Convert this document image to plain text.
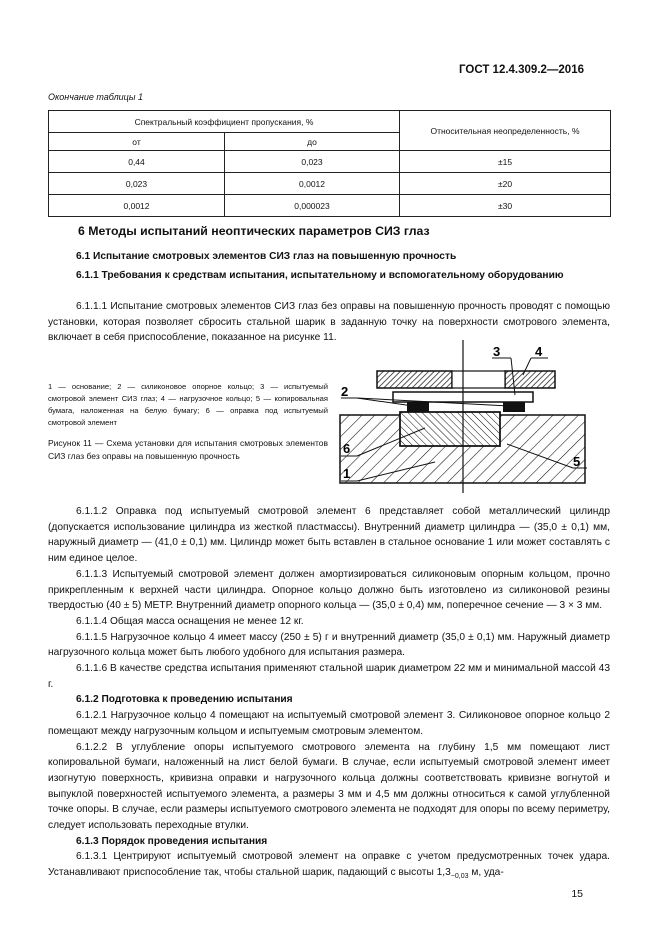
ГОСТ 12.4.309.2—2016
Окончание таблицы 1
Спектральный коэффициент пропускания, %		Относительная неопределенность, %
от	до	
0,44	0,023	±15
0,023	0,0012	±20
0,0012	0,000023	±30
6 Методы испытаний неоптических параметров СИЗ глаз
6.1 Испытание смотровых элементов СИЗ глаз на повышенную прочность
6.1.1 Требования к средствам испытания, испытательному и вспомогательному оборудованию
6.1.1.1 Испытание смотровых элементов СИЗ глаз без оправы на повышенную прочность проводят с помощью установки, которая позволяет сбросить стальной шарик в заданную точку на поверхности смотрового элемента, включает в себя приспособление, показанное на рисунке 11.
3	4
2
6
1
5
1 — основание; 2 — силиконовое опорное кольцо; 3 — испытуемый смотровой элемент СИЗ глаз; 4 — нагрузочное кольцо; 5 — копировальная бумага, наложенная на белую бумагу; 6 — оправка под испытуемый смотровой элемент
Рисунок 11 — Схема установки для испытания смотровых элементов СИЗ глаз без оправы на повышенную прочность
6.1.1.2 Оправка под испытуемый смотровой элемент 6 представляет собой металлический цилиндр (допускается использование цилиндра из жесткой пластмассы). Внутренний диаметр цилиндра — (35,0 ± 0,1) мм, наружный диаметр — (41,0 ± 0,1) мм. Цилиндр может быть вставлен в стальное основание 1 или может составлять с ним единое целое.
6.1.1.3 Испытуемый смотровой элемент должен амортизироваться силиконовым опорным кольцом, прочно прикрепленным к верхней части цилиндра. Опорное кольцо должно быть изготовлено из силиконовой резины твердостью (40 ± 5) МЕТР. Внутренний диаметр опорного кольца — (35,0 ± 0,4) мм, поперечное сечение — 3 × 3 мм.
6.1.1.4 Общая масса оснащения не менее 12 кг.
6.1.1.5 Нагрузочное кольцо 4 имеет массу (250 ± 5) г и внутренний диаметр (35,0 ± 0,1) мм. Наружный диаметр нагрузочного кольца может быть любого удобного для испытания размера.
6.1.1.6 В качестве средства испытания применяют стальной шарик диаметром 22 мм и минимальной массой 43 г.
6.1.2 Подготовка к проведению испытания
6.1.2.1 Нагрузочное кольцо 4 помещают на испытуемый смотровой элемент 3. Силиконовое опорное кольцо 2 помещают между нагрузочным кольцом и испытуемым смотровым элементом.
6.1.2.2 В углубление опоры испытуемого смотрового элемента на глубину 1,5 мм помещают лист копировальной бумаги, наложенный на лист белой бумаги. В случае, если испытуемый смотровой элемент имеет изогнутую поверхность, кривизна оправки и нагрузочного кольца должны соответствовать кривизне вогнутой и выпуклой поверхностей испытуемого элемента, а размеры 3 мм и 4,5 мм должны относиться к самой углубленной точке опоры. В случае, если размеры испытуемого смотрового элемента не подходят для опоры по всему периметру, следует использовать переходные втулки.
6.1.3 Порядок проведения испытания
6.1.3.1 Центрируют испытуемый смотровой элемент на оправке с учетом предусмотренных точек удара. Устанавливают приспособление так, чтобы стальной шарик, падающий с высоты $1,3_{-0,03}$ м, уда-
15
